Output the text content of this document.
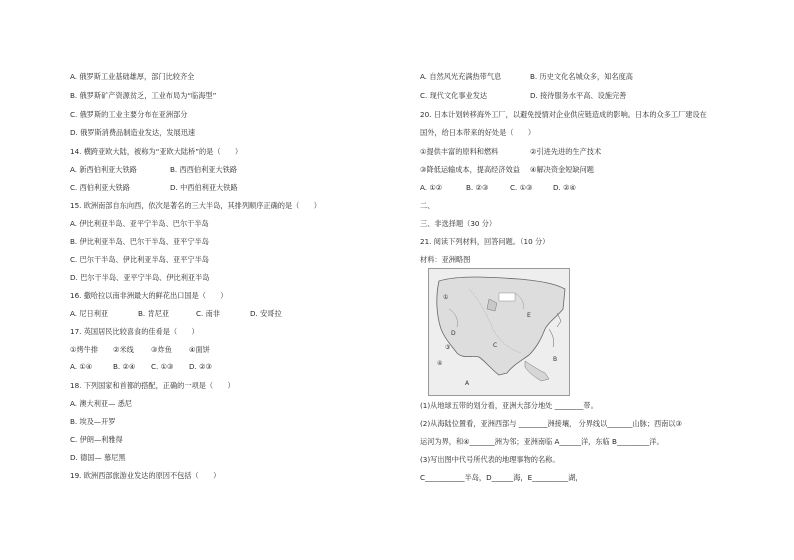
A. 俄罗斯工业基础雄厚，部门比较齐全
B. 俄罗斯矿产资源贫乏，工业布局为“临海型”
C. 俄罗斯的工业主要分布在亚洲部分
D. 俄罗斯消费品制造业发达，发展迅速
14. 横跨亚欧大陆，被称为“亚欧大陆桥”的是（　　）
A. 新西伯利亚大铁路	B. 西西伯利亚大铁路
C. 西伯利亚大铁路	D. 中西伯利亚大铁路
15. 欧洲南部自东向西，依次是著名的三大半岛，其排列顺序正确的是（　　）
A. 伊比利亚半岛、亚平宁半岛、巴尔干半岛
B. 伊比利亚半岛、巴尔干半岛、亚平宁半岛
C. 巴尔干半岛、伊比利亚半岛、亚平宁半岛
D. 巴尔干半岛、亚平宁半岛、伊比利亚半岛
16. 撒哈拉以南非洲最大的鲜花出口国是（　　）
A. 尼日利亚	B. 肯尼亚	C. 南非	D. 安哥拉
17. 英国居民比较喜食的佳肴是（　　）
①烤牛排 ②米线 ③炸鱼 ④面饼
A. ①④	B. ②④ C. ①③ D. ②③
18. 下列国家和首都的搭配，正确的一项是（　　）
A. 澳大利亚— 悉尼
B. 埃及—开罗
C. 伊朗—利雅得
D. 德国— 慕尼黑
19. 欧洲西部旅游业发达的原因不包括（　　）
A. 自然风光充满热带气息	B. 历史文化名城众多，知名度高
C. 现代文化事业发达	D. 接待服务水平高、设施完善
20. 日本计划转移海外工厂，以避免授情对企业供应链造成的影响。日本的众多工厂建设在
国外，给日本带来的好处是（　　）
①提供丰富的原料和燃料	②引进先进的生产技术
③降低运输成本，提高经济效益 ④解决资金短缺问题
A. ①②	B. ②③	C. ①③	D. ②④
二、
三、非选择题（30 分）
21. 阅读下列材料，回答问题。（10 分）
材料：亚洲略图
A
B
C
D
E
①
③
④
(1)从地球五带的划分看，亚洲大部分地处 ________带。
(2)从海陆位置看，亚洲西部与 ________洲接壤， 分界线以_______山脉；西南以③
运河为界，和④_______洲为邻；亚洲南临 A______洋，东临 B_________洋。
(3)写出图中代号所代表的地理事物的名称。
C___________半岛，D______海，E__________湖，
